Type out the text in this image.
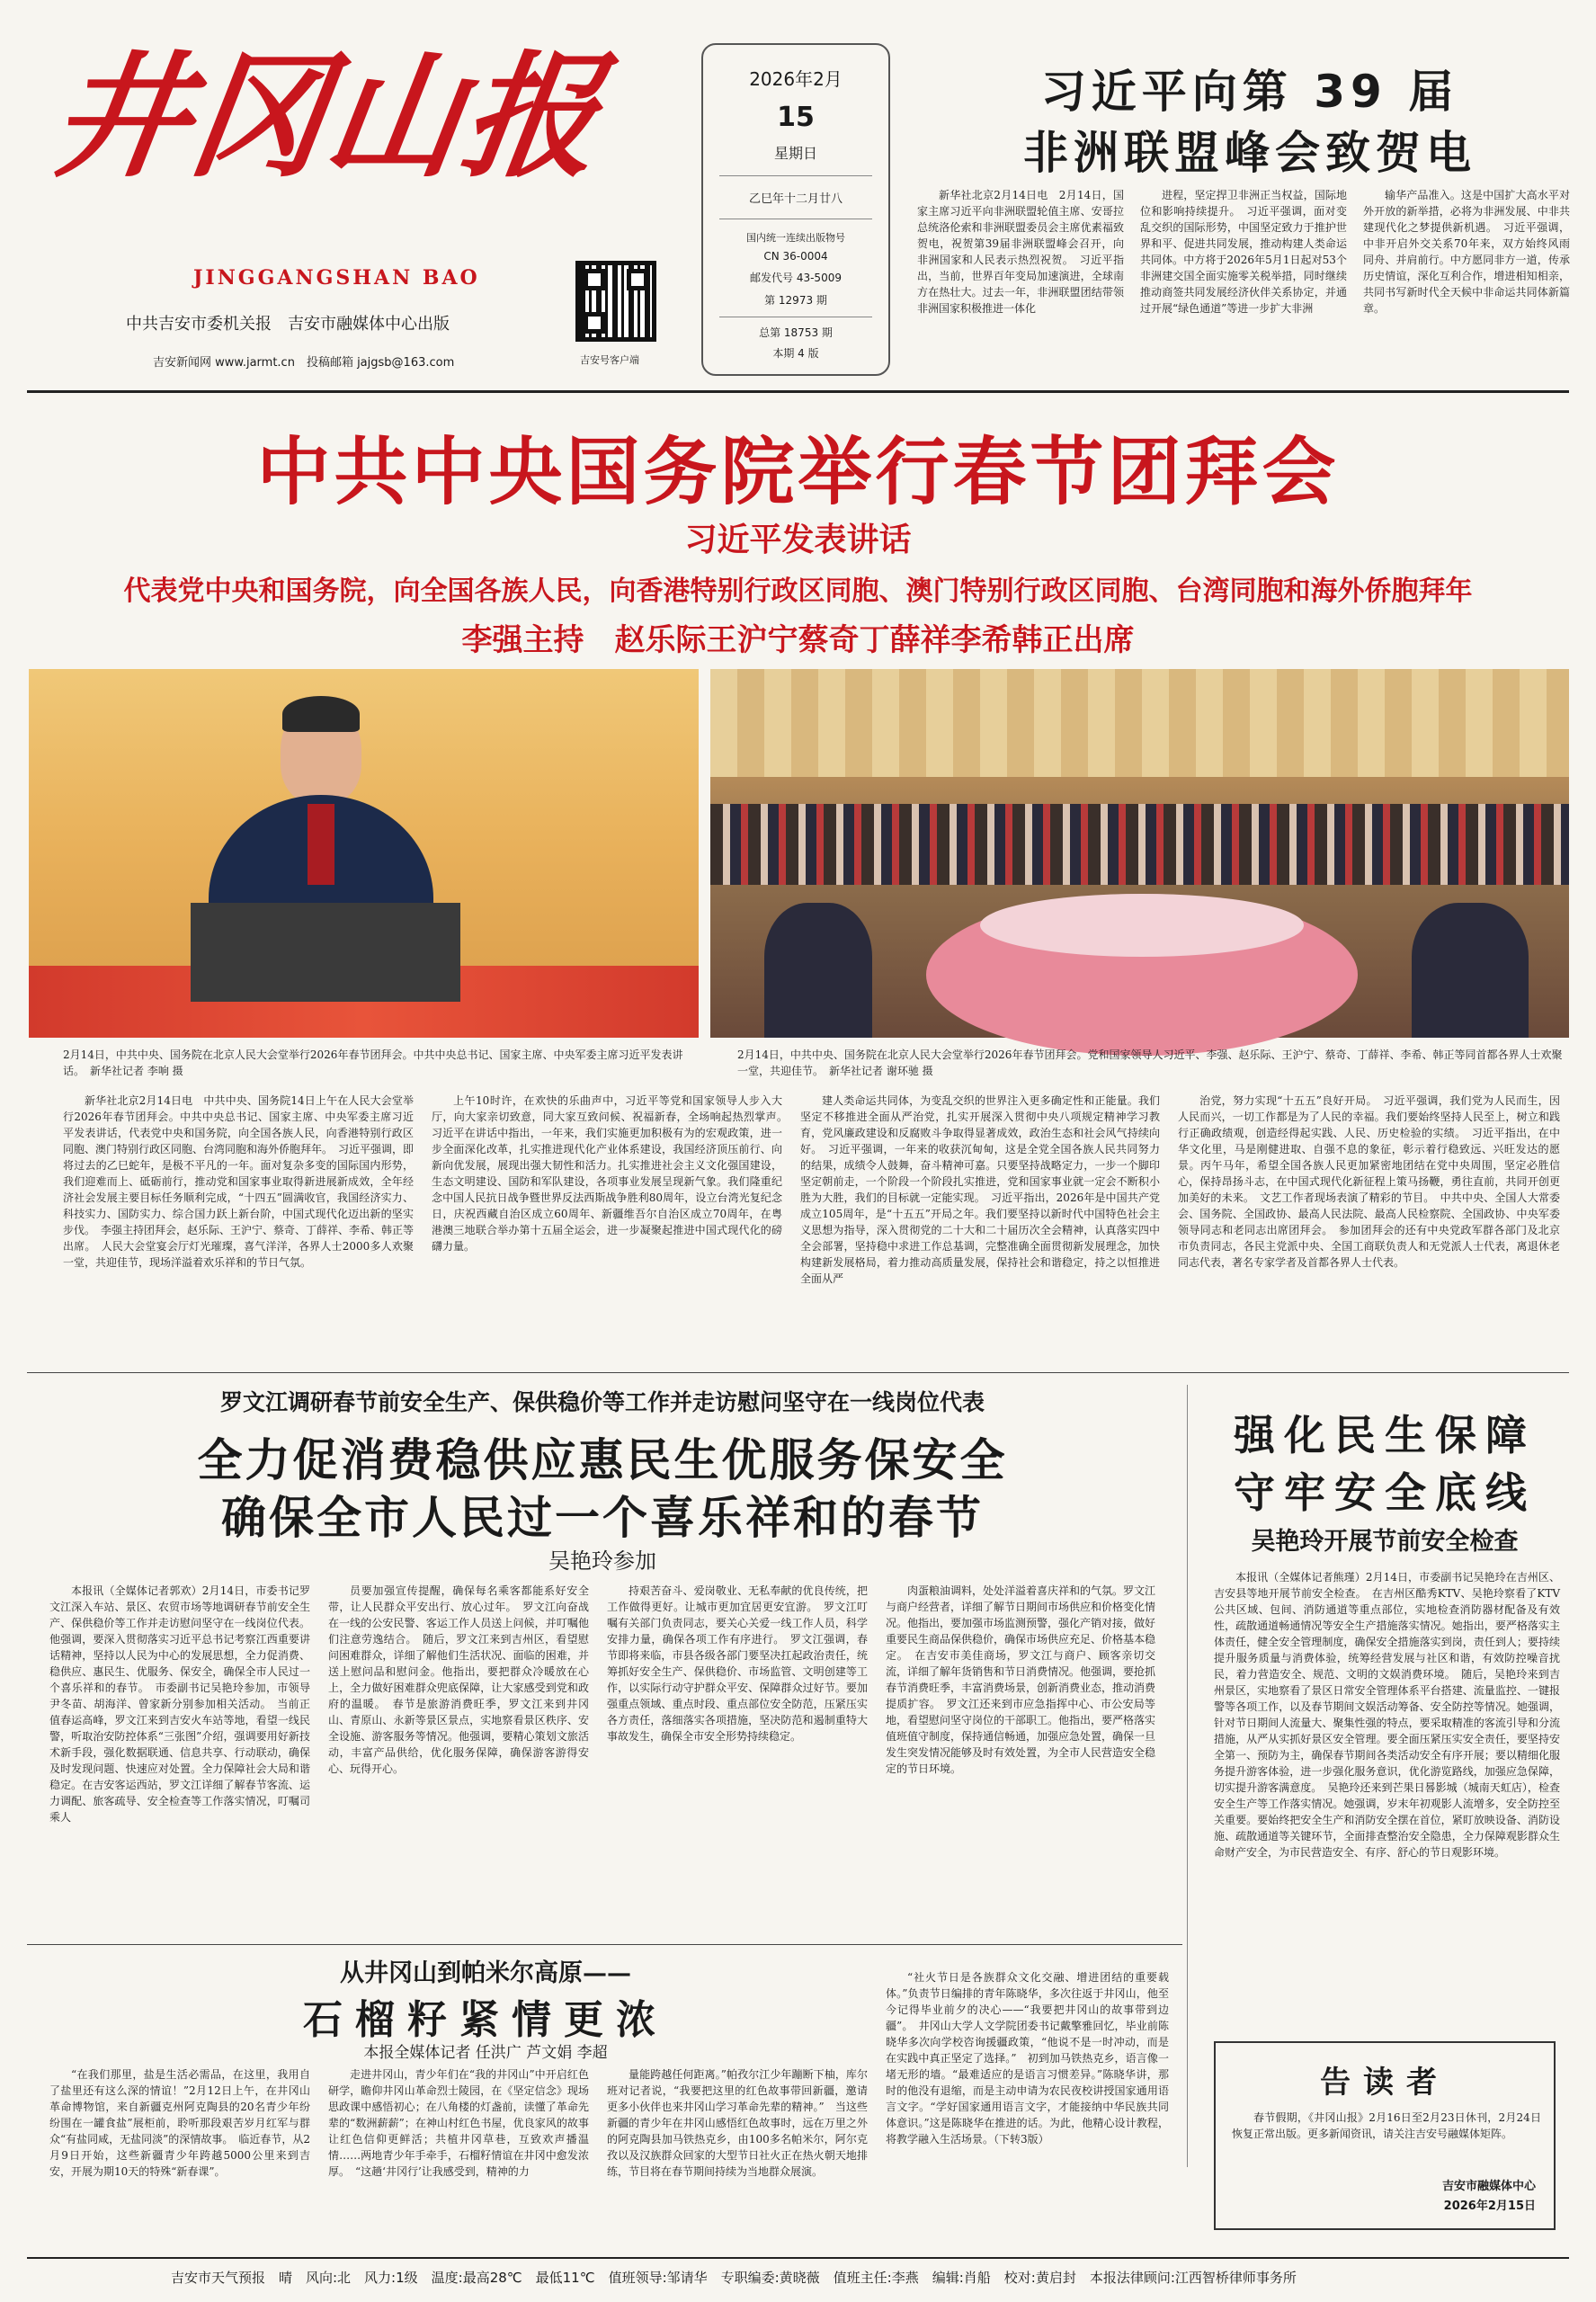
井冈山报
JINGGANGSHAN BAO
中共吉安市委机关报　吉安市融媒体中心出版
吉安新闻网 www.jarmt.cn　投稿邮箱 jajgsb@163.com	吉安号客户端
2026年2月
15
星期日
乙巳年十二月廿八
国内统一连续出版物号
CN 36-0004
邮发代号 43-5009
第 12973 期
总第 18753 期
本期 4 版
习近平向第 39 届
非洲联盟峰会致贺电

新华社北京2月14日电　2月14日，国家主席习近平向非洲联盟轮值主席、安哥拉总统洛伦索和非洲联盟委员会主席优素福致贺电，祝贺第39届非洲联盟峰会召开，向非洲国家和人民表示热烈祝贺。　习近平指出，当前，世界百年变局加速演进，全球南方在热壮大。过去一年，非洲联盟团结带领非洲国家积极推进一体化

进程，坚定捍卫非洲正当权益，国际地位和影响持续提升。　习近平强调，面对变乱交织的国际形势，中国坚定致力于推护世界和平、促进共同发展，推动构建人类命运共同体。中方将于2026年5月1日起对53个非洲建交国全面实施零关税举措，同时继续推动商签共同发展经济伙伴关系协定，并通过开展“绿色通道”等进一步扩大非洲

输华产品准入。这是中国扩大高水平对外开放的新举措，必将为非洲发展、中非共建现代化之梦提供新机遇。　习近平强调，中非开启外交关系70年来，双方始终风雨同舟、并肩前行。中方愿同非方一道，传承历史情谊，深化互利合作，增进相知相亲，共同书写新时代全天候中非命运共同体新篇章。

中共中央国务院举行春节团拜会
习近平发表讲话
代表党中央和国务院，向全国各族人民，向香港特别行政区同胞、澳门特别行政区同胞、台湾同胞和海外侨胞拜年
李强主持　赵乐际王沪宁蔡奇丁薛祥李希韩正出席
2月14日，中共中央、国务院在北京人民大会堂举行2026年春节团拜会。中共中央总书记、国家主席、中央军委主席习近平发表讲话。　新华社记者 李响 摄
2月14日，中共中央、国务院在北京人民大会堂举行2026年春节团拜会。党和国家领导人习近平、李强、赵乐际、王沪宁、蔡奇、丁薛祥、李希、韩正等同首都各界人士欢聚一堂，共迎佳节。　新华社记者 谢环驰 摄

新华社北京2月14日电　中共中央、国务院14日上午在人民大会堂举行2026年春节团拜会。中共中央总书记、国家主席、中央军委主席习近平发表讲话，代表党中央和国务院，向全国各族人民，向香港特别行政区同胞、澳门特别行政区同胞、台湾同胞和海外侨胞拜年。　习近平强调，即将过去的乙巳蛇年，是极不平凡的一年。面对复杂多变的国际国内形势，我们迎难而上、砥砺前行，推动党和国家事业取得新进展新成效，全年经济社会发展主要目标任务顺利完成，“十四五”圆满收官，我国经济实力、科技实力、国防实力、综合国力跃上新台阶，中国式现代化迈出新的坚实步伐。　李强主持团拜会，赵乐际、王沪宁、蔡奇、丁薛祥、李希、韩正等出席。　人民大会堂宴会厅灯光璀璨，喜气洋洋，各界人士2000多人欢聚一堂，共迎佳节，现场洋溢着欢乐祥和的节日气氛。

上午10时许，在欢快的乐曲声中，习近平等党和国家领导人步入大厅，向大家亲切致意，同大家互致问候、祝福新春，全场响起热烈掌声。　习近平在讲话中指出，一年来，我们实施更加积极有为的宏观政策，进一步全面深化改革，扎实推进现代化产业体系建设，我国经济顶压前行、向新向优发展，展现出强大韧性和活力。扎实推进社会主义文化强国建设，生态文明建设、国防和军队建设，各项事业发展呈现新气象。我们隆重纪念中国人民抗日战争暨世界反法西斯战争胜利80周年，设立台湾光复纪念日，庆祝西藏自治区成立60周年、新疆维吾尔自治区成立70周年，在粤港澳三地联合举办第十五届全运会，进一步凝聚起推进中国式现代化的磅礴力量。

建人类命运共同体，为变乱交织的世界注入更多确定性和正能量。我们坚定不移推进全面从严治党，扎实开展深入贯彻中央八项规定精神学习教育，党风廉政建设和反腐败斗争取得显著成效，政治生态和社会风气持续向好。　习近平强调，一年来的收获沉甸甸，这是全党全国各族人民共同努力的结果，成绩令人鼓舞，奋斗精神可嘉。只要坚持战略定力，一步一个脚印坚定朝前走，一个阶段一个阶段扎实推进，党和国家事业就一定会不断积小胜为大胜，我们的目标就一定能实现。　习近平指出，2026年是中国共产党成立105周年，是“十五五”开局之年。我们要坚持以新时代中国特色社会主义思想为指导，深入贯彻党的二十大和二十届历次全会精神，认真落实四中全会部署，坚持稳中求进工作总基调，完整准确全面贯彻新发展理念，加快构建新发展格局，着力推动高质量发展，保持社会和谐稳定，持之以恒推进全面从严

治党，努力实现“十五五”良好开局。　习近平强调，我们党为人民而生，因人民而兴，一切工作都是为了人民的幸福。我们要始终坚持人民至上，树立和践行正确政绩观，创造经得起实践、人民、历史检验的实绩。　习近平指出，在中华文化里，马是刚健进取、自强不息的象征，彰示着行稳致远、兴旺发达的愿景。丙午马年，希望全国各族人民更加紧密地团结在党中央周围，坚定必胜信心，保持昂扬斗志，在中国式现代化新征程上策马扬鞭，勇往直前，共同开创更加美好的未来。　文艺工作者现场表演了精彩的节目。　中共中央、全国人大常委会、国务院、全国政协、最高人民法院、最高人民检察院、全国政协、中央军委领导同志和老同志出席团拜会。　参加团拜会的还有中央党政军群各部门及北京市负责同志，各民主党派中央、全国工商联负责人和无党派人士代表，离退休老同志代表，著名专家学者及首都各界人士代表。

罗文江调研春节前安全生产、保供稳价等工作并走访慰问坚守在一线岗位代表
全力促消费稳供应惠民生优服务保安全
确保全市人民过一个喜乐祥和的春节
吴艳玲参加

本报讯（全媒体记者郭欢）2月14日，市委书记罗文江深入车站、景区、农贸市场等地调研春节前安全生产、保供稳价等工作并走访慰问坚守在一线岗位代表。他强调，要深入贯彻落实习近平总书记考察江西重要讲话精神，坚持以人民为中心的发展思想，全力促消费、稳供应、惠民生、优服务、保安全，确保全市人民过一个喜乐祥和的春节。　市委副书记吴艳玲参加，市领导尹冬苗、胡海洋、曾家新分别参加相关活动。　当前正值春运高峰，罗文江来到吉安火车站等地，看望一线民警，听取治安防控体系“三张图”介绍，强调要用好新技术新手段，强化数据联通、信息共享、行动联动，确保及时发现问题、快速应对处置。全力保障社会大局和谐稳定。在吉安客运西站，罗文江详细了解春节客流、运力调配、旅客疏导、安全检查等工作落实情况，叮嘱司乘人

员要加强宣传提醒，确保每名乘客都能系好安全带，让人民群众平安出行、放心过年。　罗文江向奋战在一线的公安民警、客运工作人员送上问候，并叮嘱他们注意劳逸结合。　随后，罗文江来到吉州区，看望慰问困难群众，详细了解他们生活状况、面临的困难，并送上慰问品和慰问金。他指出，要把群众冷暖放在心上，全力做好困难群众兜底保障，让大家感受到党和政府的温暖。　春节是旅游消费旺季，罗文江来到井冈山、青原山、永新等景区景点，实地察看景区秩序、安全设施、游客服务等情况。他强调，要精心策划文旅活动，丰富产品供给，优化服务保障，确保游客游得安心、玩得开心。

持艰苦奋斗、爱岗敬业、无私奉献的优良传统，把工作做得更好。让城市更加宜居更安宜游。　罗文江叮嘱有关部门负责同志，要关心关爱一线工作人员，科学安排力量，确保各项工作有序进行。　罗文江强调，春节即将来临，市县各级各部门要坚决扛起政治责任，统筹抓好安全生产、保供稳价、市场监管、文明创建等工作，以实际行动守护群众平安、保障群众过好节。要加强重点领域、重点时段、重点部位安全防范，压紧压实各方责任，落细落实各项措施，坚决防范和遏制重特大事故发生，确保全市安全形势持续稳定。

肉蛋粮油调料，处处洋溢着喜庆祥和的气氛。罗文江与商户经营者，详细了解节日期间市场供应和价格变化情况。他指出，要加强市场监测预警，强化产销对接，做好重要民生商品保供稳价，确保市场供应充足、价格基本稳定。　在吉安市美佳商场，罗文江与商户、顾客亲切交流，详细了解年货销售和节日消费情况。他强调，要抢抓春节消费旺季，丰富消费场景，创新消费业态，推动消费提质扩容。　罗文江还来到市应急指挥中心、市公安局等地，看望慰问坚守岗位的干部职工。他指出，要严格落实值班值守制度，保持通信畅通，加强应急处置，确保一旦发生突发情况能够及时有效处置，为全市人民营造安全稳定的节日环境。

强化民生保障
守牢安全底线
吴艳玲开展节前安全检查

本报讯（全媒体记者熊瑾）2月14日，市委副书记吴艳玲在吉州区、吉安县等地开展节前安全检查。　在吉州区酷秀KTV、吴艳玲察看了KTV公共区域、包间、消防通道等重点部位，实地检查消防器材配备及有效性，疏散通道畅通情况等安全生产措施落实情况。她指出，要严格落实主体责任，健全安全管理制度，确保安全措施落实到岗，责任到人；要持续提升服务质量与消费体验，统筹经营发展与社区和谐，有效防控噪音扰民，着力营造安全、规范、文明的文娱消费环境。　随后，吴艳玲来到吉州景区，实地察看了景区日常安全管理体系平台搭建、流量监控、一键报警等各项工作，以及春节期间文娱活动筹备、安全防控等情况。她强调，针对节日期间人流量大、聚集性强的特点，要采取精准的客流引导和分流措施，从严从实抓好景区安全管理。要全面压紧压实安全责任，要坚持安全第一、预防为主，确保春节期间各类活动安全有序开展；要以精细化服务提升游客体验，进一步强化服务意识，优化游览路线，加强应急保障，切实提升游客满意度。　吴艳玲还来到芒果日晷影城（城南天虹店），检查安全生产等工作落实情况。她强调，岁末年初观影人流增多，安全防控至关重要。要始终把安全生产和消防安全摆在首位，紧盯放映设备、消防设施、疏散通道等关键环节，全面排查整治安全隐患，全力保障观影群众生命财产安全，为市民营造安全、有序、舒心的节日观影环境。

告读者

春节假期，《井冈山报》2月16日至2月23日休刊，2月24日恢复正常出版。更多新闻资讯，请关注吉安号融媒体矩阵。

吉安市融媒体中心
2026年2月15日
从井冈山到帕米尔高原——
石榴籽紧情更浓
本报全媒体记者 任洪广 芦文娟 李超

“在我们那里，盐是生活必需品，在这里，我用自了盐里还有这么深的情谊！”2月12日上午，在井冈山革命博物馆，来自新疆克州阿克陶县的20名青少年纷纷围在一罐食盐”展柜前，聆听那段艰苦岁月红军与群众“有盐同咸，无盐同淡”的深情故事。　临近春节，从2月9日开始，这些新疆青少年跨越5000公里来到吉安，开展为期10天的特殊“新春课”。

走进井冈山，青少年们在“我的井冈山”中开启红色研学，瞻仰井冈山革命烈士陵园，在《坚定信念》现场思政课中感悟初心；在八角楼的灯盏前，读懂了革命先辈的“数洲薪薪”；在神山村红色书屋，优良家风的故事让红色信仰更鲜活；共植井冈草巷，互致欢声播温情……两地青少年手牵手，石榴籽情谊在井冈中愈发浓厚。　“这趟‘井冈行’让我感受到，精神的力

量能跨越任何距离。”帕孜尔江少年蹦断下柚，库尔班对记者说，“我要把这里的红色故事带回新疆，邀请更多小伙伴也来井冈山学习革命先辈的精神。”　当这些新疆的青少年在井冈山感悟红色故事时，远在万里之外的阿克陶县加马铁热克乡，由100多名帕米尔，阿尔克孜以及汉族群众回家的大型节日社火正在热火朝天地排练，节目将在春节期间持续为当地群众展演。

“社火节日是各族群众文化交融、增进团结的重要载体。”负责节日编排的青年陈晓华，多次往返于井冈山，他至今记得毕业前夕的决心——“我要把井冈山的故事带到边疆”。　井冈山大学人文学院团委书记戴擎雅回忆，毕业前陈晓华多次向学校咨询援疆政策，“他说不是一时冲动，而是在实践中真正坚定了选择。”　初到加马铁热克乡，语言像一堵无形的墙。“最难适应的是语言习惯差异。”陈晓华讲，那时的他没有退缩，而是主动申请为农民夜校讲授国家通用语言文字。“学好国家通用语言文字，才能接纳中华民族共同体意识。”这是陈晓华在推进的话。为此，他精心设计教程，将教学融入生活场景。（下转3版）

吉安市天气预报　晴　风向:北　风力:1级　温度:最高28℃　最低11℃　值班领导:邹请华　专职编委:黄晓薇　值班主任:李燕　编辑:肖船　校对:黄启封　本报法律顾问:江西智桥律师事务所
